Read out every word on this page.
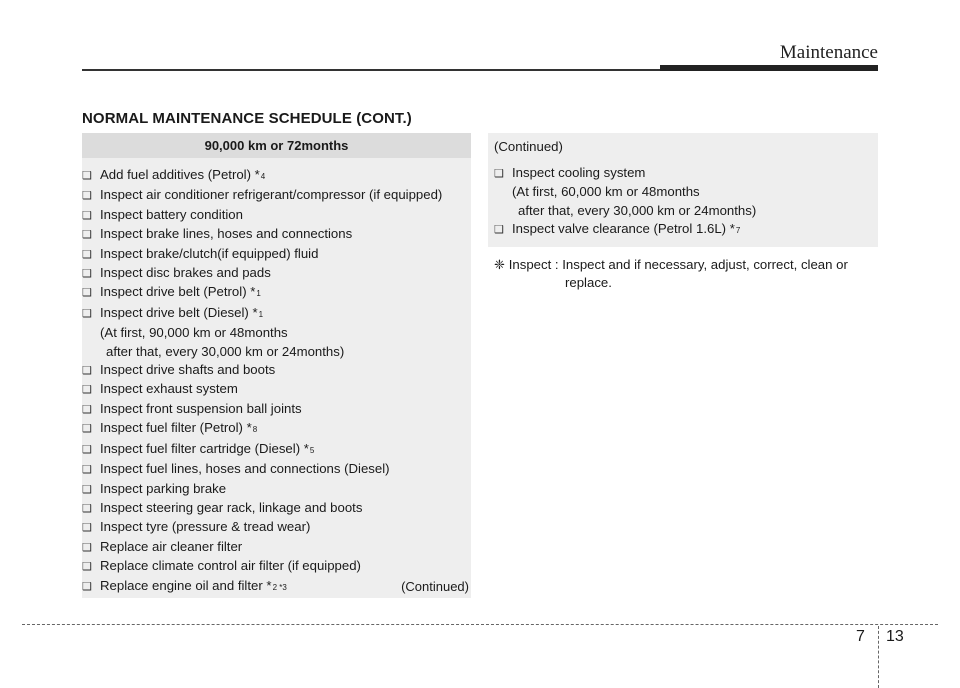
Maintenance
NORMAL MAINTENANCE SCHEDULE (CONT.)
90,000 km or 72months
❑ Add fuel additives (Petrol) * 4
❑ Inspect air conditioner refrigerant/compressor (if equipped)
❑ Inspect battery condition
❑ Inspect brake lines, hoses and connections
❑ Inspect brake/clutch(if equipped) fluid
❑ Inspect disc brakes and pads
❑ Inspect drive belt (Petrol) * 1
❑ Inspect drive belt (Diesel) * 1
(At first, 90,000 km or 48months
after that, every 30,000 km or 24months)
❑ Inspect drive shafts and boots
❑ Inspect exhaust system
❑ Inspect front suspension ball joints
❑ Inspect fuel filter (Petrol) * 8
❑ Inspect fuel filter cartridge (Diesel) * 5
❑ Inspect fuel lines, hoses and connections (Diesel)
❑ Inspect parking brake
❑ Inspect steering gear rack, linkage and boots
❑ Inspect tyre (pressure & tread wear)
❑ Replace air cleaner filter
❑ Replace climate control air filter (if equipped)
❑ Replace engine oil and filter * 2 *3	(Continued)
(Continued)
❑ Inspect cooling system
(At first, 60,000 km or 48months
after that, every 30,000 km or 24months)
❑ Inspect valve clearance (Petrol 1.6L) * 7
❈ Inspect : Inspect and if necessary, adjust, correct, clean or
replace.
7 13
